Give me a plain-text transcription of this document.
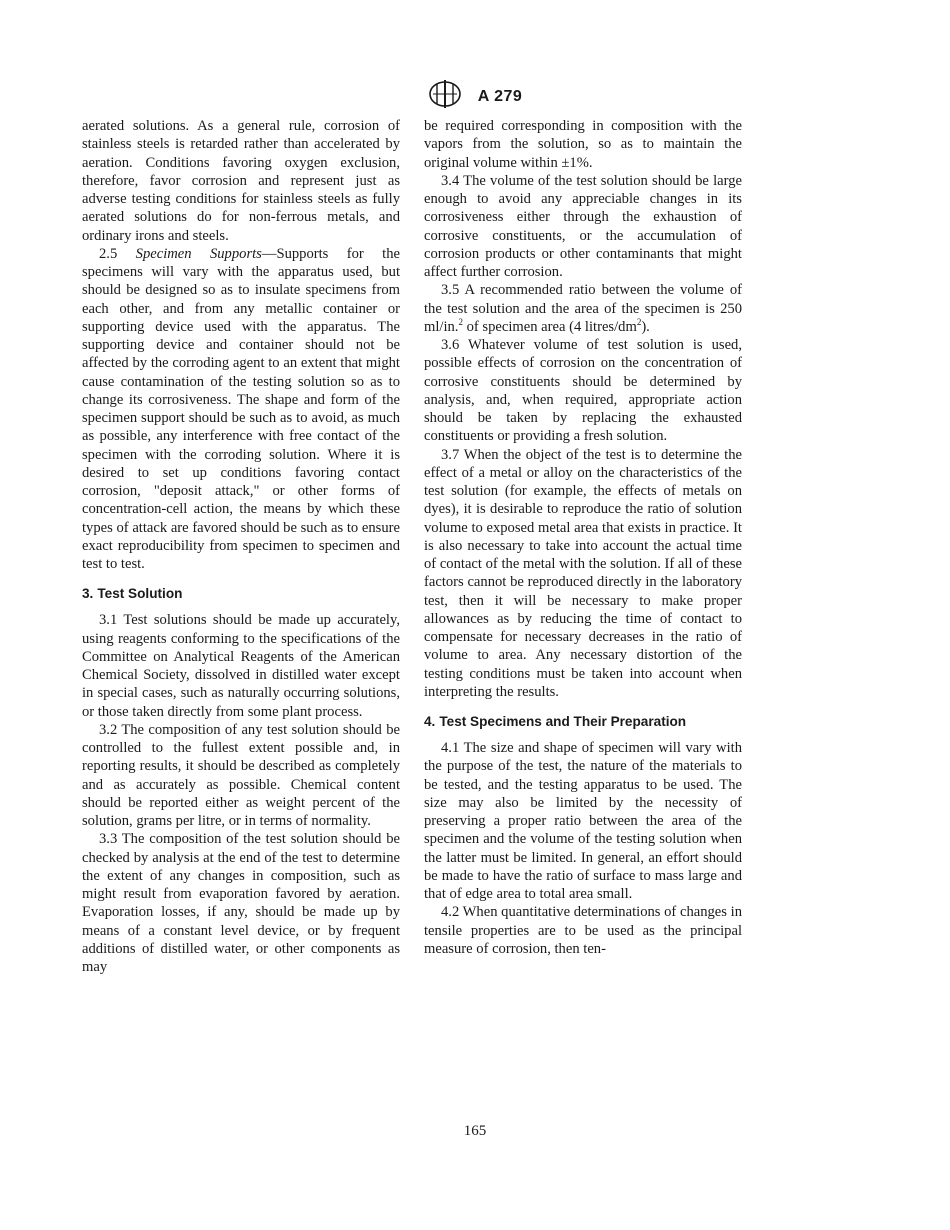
A 279

aerated solutions. As a general rule, corrosion of stainless steels is retarded rather than accelerated by aeration. Conditions favoring oxygen exclusion, therefore, favor corrosion and represent just as adverse testing conditions for stainless steels as fully aerated solutions do for non-ferrous metals, and ordinary irons and steels.

2.5 Specimen Supports—Supports for the specimens will vary with the apparatus used, but should be designed so as to insulate specimens from each other, and from any metallic container or supporting device used with the apparatus. The supporting device and container should not be affected by the corroding agent to an extent that might cause contamination of the testing solution so as to change its corrosiveness. The shape and form of the specimen support should be such as to avoid, as much as possible, any interference with free contact of the specimen with the corroding solution. Where it is desired to set up conditions favoring contact corrosion, "deposit attack," or other forms of concentration-cell action, the means by which these types of attack are favored should be such as to ensure exact reproducibility from specimen to specimen and test to test.

3. Test Solution

3.1 Test solutions should be made up accurately, using reagents conforming to the specifications of the Committee on Analytical Reagents of the American Chemical Society, dissolved in distilled water except in special cases, such as naturally occurring solutions, or those taken directly from some plant process.

3.2 The composition of any test solution should be controlled to the fullest extent possible and, in reporting results, it should be described as completely and as accurately as possible. Chemical content should be reported either as weight percent of the solution, grams per litre, or in terms of normality.

3.3 The composition of the test solution should be checked by analysis at the end of the test to determine the extent of any changes in composition, such as might result from evaporation favored by aeration. Evaporation losses, if any, should be made up by means of a constant level device, or by frequent additions of distilled water, or other components as may

be required corresponding in composition with the vapors from the solution, so as to maintain the original volume within ±1%.

3.4 The volume of the test solution should be large enough to avoid any appreciable changes in its corrosiveness either through the exhaustion of corrosive constituents, or the accumulation of corrosion products or other contaminants that might affect further corrosion.

3.5 A recommended ratio between the volume of the test solution and the area of the specimen is 250 ml/in.$^2$ of specimen area (4 litres/$dm^2$).

3.6 Whatever volume of test solution is used, possible effects of corrosion on the concentration of corrosive constituents should be determined by analysis, and, when required, appropriate action should be taken by replacing the exhausted constituents or providing a fresh solution.

3.7 When the object of the test is to determine the effect of a metal or alloy on the characteristics of the test solution (for example, the effects of metals on dyes), it is desirable to reproduce the ratio of solution volume to exposed metal area that exists in practice. It is also necessary to take into account the actual time of contact of the metal with the solution. If all of these factors cannot be reproduced directly in the laboratory test, then it will be necessary to make proper allowances as by reducing the time of contact to compensate for necessary decreases in the ratio of volume to area. Any necessary distortion of the testing conditions must be taken into account when interpreting the results.

4. Test Specimens and Their Preparation

4.1 The size and shape of specimen will vary with the purpose of the test, the nature of the materials to be tested, and the testing apparatus to be used. The size may also be limited by the necessity of preserving a proper ratio between the area of the specimen and the volume of the testing solution when the latter must be limited. In general, an effort should be made to have the ratio of surface to mass large and that of edge area to total area small.

4.2 When quantitative determinations of changes in tensile properties are to be used as the principal measure of corrosion, then ten-

165
